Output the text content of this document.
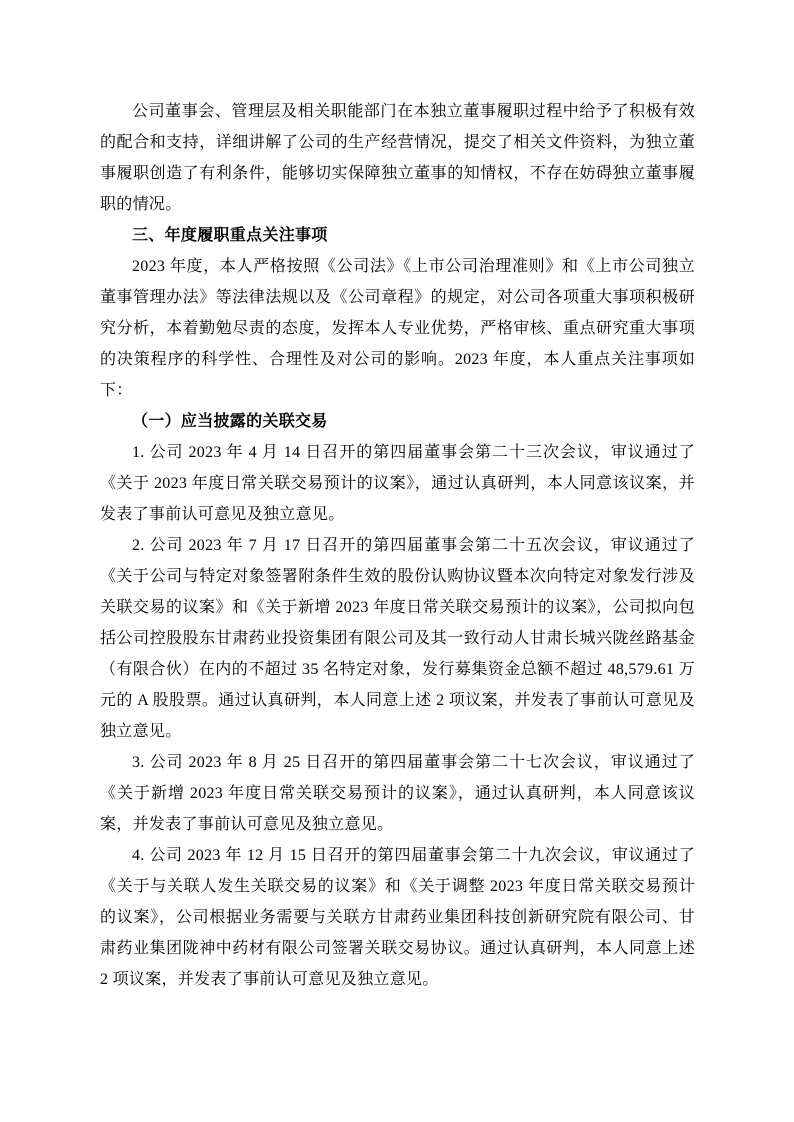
公司董事会、管理层及相关职能部门在本独立董事履职过程中给予了积极有效的配合和支持，详细讲解了公司的生产经营情况，提交了相关文件资料，为独立董事履职创造了有利条件，能够切实保障独立董事的知情权，不存在妨碍独立董事履职的情况。

三、年度履职重点关注事项

2023 年度，本人严格按照《公司法》《上市公司治理准则》和《上市公司独立董事管理办法》等法律法规以及《公司章程》的规定，对公司各项重大事项积极研究分析，本着勤勉尽责的态度，发挥本人专业优势，严格审核、重点研究重大事项的决策程序的科学性、合理性及对公司的影响。2023 年度，本人重点关注事项如下：

（一）应当披露的关联交易

1. 公司 2023 年 4 月 14 日召开的第四届董事会第二十三次会议，审议通过了《关于 2023 年度日常关联交易预计的议案》，通过认真研判，本人同意该议案，并发表了事前认可意见及独立意见。

2. 公司 2023 年 7 月 17 日召开的第四届董事会第二十五次会议，审议通过了《关于公司与特定对象签署附条件生效的股份认购协议暨本次向特定对象发行涉及关联交易的议案》和《关于新增 2023 年度日常关联交易预计的议案》，公司拟向包括公司控股股东甘肃药业投资集团有限公司及其一致行动人甘肃长城兴陇丝路基金（有限合伙）在内的不超过 35 名特定对象，发行募集资金总额不超过 48,579.61 万元的 A 股股票。通过认真研判，本人同意上述 2 项议案，并发表了事前认可意见及独立意见。

3. 公司 2023 年 8 月 25 日召开的第四届董事会第二十七次会议，审议通过了《关于新增 2023 年度日常关联交易预计的议案》，通过认真研判，本人同意该议案，并发表了事前认可意见及独立意见。

4. 公司 2023 年 12 月 15 日召开的第四届董事会第二十九次会议，审议通过了《关于与关联人发生关联交易的议案》和《关于调整 2023 年度日常关联交易预计的议案》，公司根据业务需要与关联方甘肃药业集团科技创新研究院有限公司、甘肃药业集团陇神中药材有限公司签署关联交易协议。通过认真研判，本人同意上述 2 项议案，并发表了事前认可意见及独立意见。
